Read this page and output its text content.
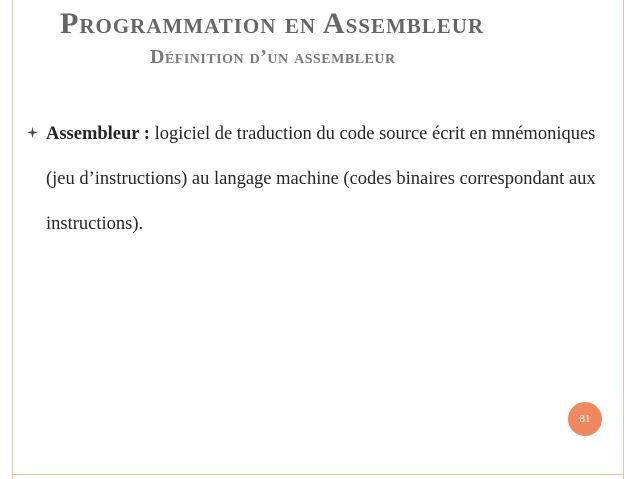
Programmation en Assembleur
Définition d’un assembleur

Assembleur : logiciel de traduction du code source écrit en mnémoniques (jeu d’instructions) au langage machine (codes binaires correspondant aux instructions).

81
